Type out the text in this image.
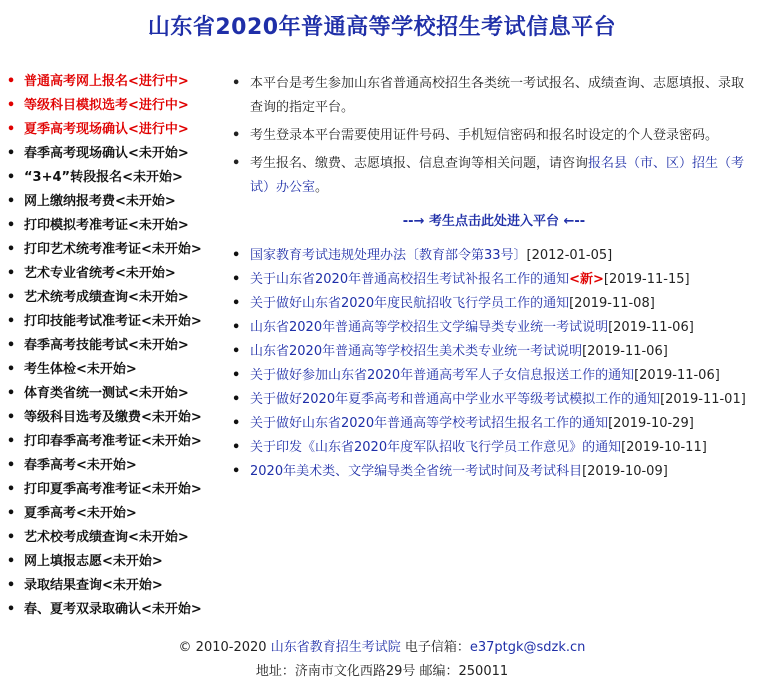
山东省2020年普通高等学校招生考试信息平台
• 普通高考网上报名<进行中>
• 等级科目模拟选考<进行中>
• 夏季高考现场确认<进行中>
• 春季高考现场确认<未开始>
• “3+4”转段报名<未开始>
• 网上缴纳报考费<未开始>
• 打印模拟考准考证<未开始>
• 打印艺术统考准考证<未开始>
• 艺术专业省统考<未开始>
• 艺术统考成绩查询<未开始>
• 打印技能考试准考证<未开始>
• 春季高考技能考试<未开始>
• 考生体检<未开始>
• 体育类省统一测试<未开始>
• 等级科目选考及缴费<未开始>
• 打印春季高考准考证<未开始>
• 春季高考<未开始>
• 打印夏季高考准考证<未开始>
• 夏季高考<未开始>
• 艺术校考成绩查询<未开始>
• 网上填报志愿<未开始>
• 录取结果查询<未开始>
• 春、夏考双录取确认<未开始>
• 本平台是考生参加山东省普通高校招生各类统一考试报名、成绩查询、志愿填报、录取查询的指定平台。
• 考生登录本平台需要使用证件号码、手机短信密码和报名时设定的个人登录密码。
• 考生报名、缴费、志愿填报、信息查询等相关问题，请咨询报名县（市、区）招生（考试）办公室。
--→ 考生点击此处进入平台 ←--
• 国家教育考试违规处理办法〔教育部令第33号〕[2012-01-05]
• 关于山东省2020年普通高校招生考试补报名工作的通知<新>[2019-11-15]
• 关于做好山东省2020年度民航招收飞行学员工作的通知[2019-11-08]
• 山东省2020年普通高等学校招生文学编导类专业统一考试说明[2019-11-06]
• 山东省2020年普通高等学校招生美术类专业统一考试说明[2019-11-06]
• 关于做好参加山东省2020年普通高考军人子女信息报送工作的通知[2019-11-06]
• 关于做好2020年夏季高考和普通高中学业水平等级考试模拟工作的通知[2019-11-01]
• 关于做好山东省2020年普通高等学校考试招生报名工作的通知[2019-10-29]
• 关于印发《山东省2020年度军队招收飞行学员工作意见》的通知[2019-10-11]
• 2020年美术类、文学编导类全省统一考试时间及考试科目[2019-10-09]
© 2010-2020 山东省教育招生考试院 电子信箱：e37ptgk@sdzk.cn
地址：济南市文化西路29号 邮编：250011
